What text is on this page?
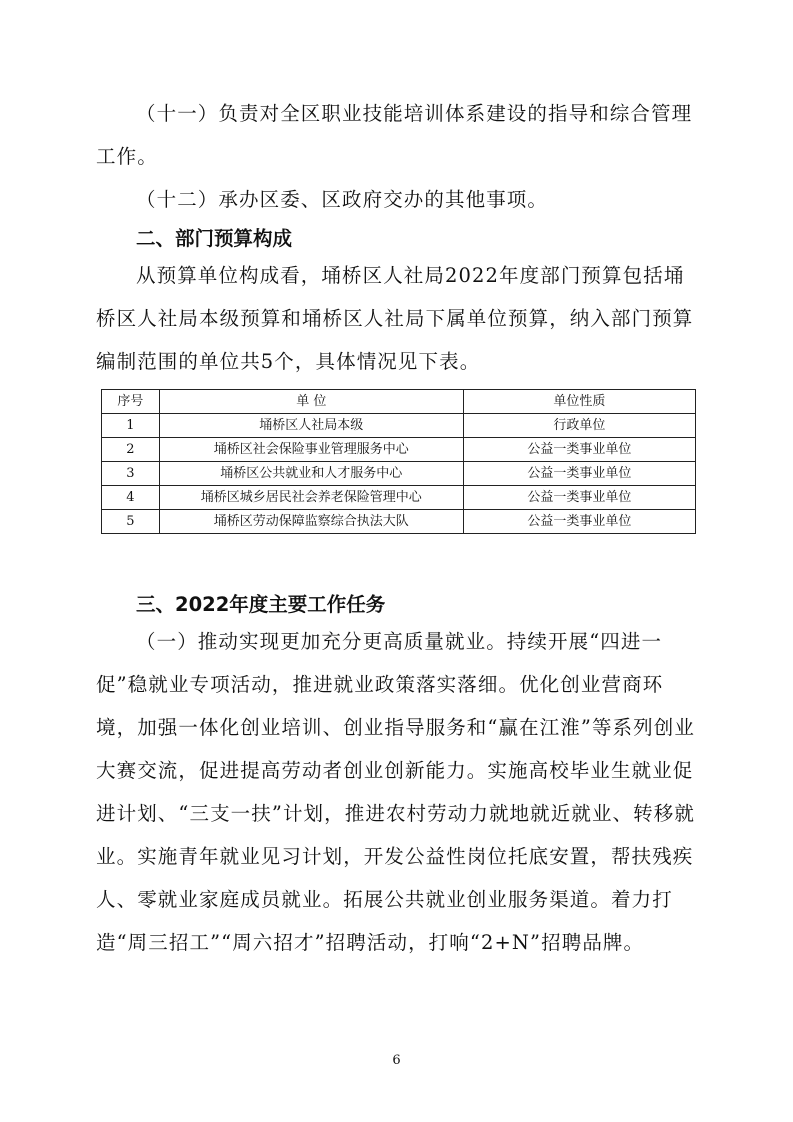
（十一）负责对全区职业技能培训体系建设的指导和综合管理工作。

（十二）承办区委、区政府交办的其他事项。

二、部门预算构成

从预算单位构成看，埇桥区人社局2022年度部门预算包括埇桥区人社局本级预算和埇桥区人社局下属单位预算，纳入部门预算编制范围的单位共5个，具体情况见下表。

序号	单 位	单位性质
1	埇桥区人社局本级	行政单位
2	埇桥区社会保险事业管理服务中心	公益一类事业单位
3	埇桥区公共就业和人才服务中心	公益一类事业单位
4	埇桥区城乡居民社会养老保险管理中心	公益一类事业单位
5	埇桥区劳动保障监察综合执法大队	公益一类事业单位
三、2022年度主要工作任务

（一）推动实现更加充分更高质量就业。持续开展“四进一促”稳就业专项活动，推进就业政策落实落细。优化创业营商环境，加强一体化创业培训、创业指导服务和“赢在江淮”等系列创业大赛交流，促进提高劳动者创业创新能力。实施高校毕业生就业促进计划、“三支一扶”计划，推进农村劳动力就地就近就业、转移就业。实施青年就业见习计划，开发公益性岗位托底安置，帮扶残疾人、零就业家庭成员就业。拓展公共就业创业服务渠道。着力打造“周三招工”“周六招才”招聘活动，打响“2+N”招聘品牌。

6
